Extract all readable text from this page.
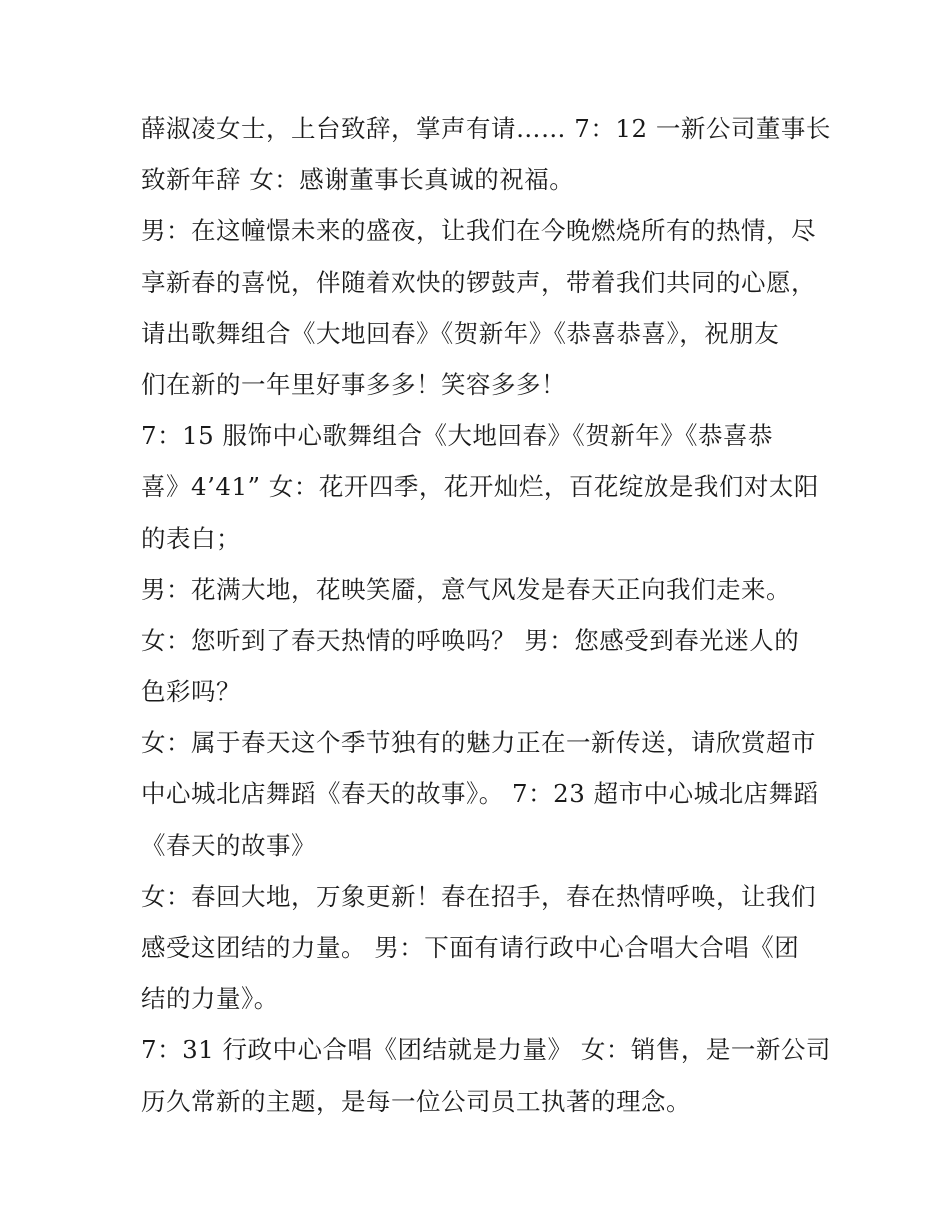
薛淑凌女士，上台致辞，掌声有请…… 7：12 一新公司董事长
致新年辞 女：感谢董事长真诚的祝福。
男：在这幢憬未来的盛夜，让我们在今晚燃烧所有的热情，尽
享新春的喜悦，伴随着欢快的锣鼓声，带着我们共同的心愿，
请出歌舞组合《大地回春》《贺新年》《恭喜恭喜》，祝朋友
们在新的一年里好事多多！笑容多多！
7：15 服饰中心歌舞组合《大地回春》《贺新年》《恭喜恭
喜》4’41” 女：花开四季，花开灿烂，百花绽放是我们对太阳
的表白；
男：花满大地，花映笑靥，意气风发是春天正向我们走来。
女：您听到了春天热情的呼唤吗？ 男：您感受到春光迷人的
色彩吗？
女：属于春天这个季节独有的魅力正在一新传送，请欣赏超市
中心城北店舞蹈《春天的故事》。 7：23 超市中心城北店舞蹈
《春天的故事》
女：春回大地，万象更新！春在招手，春在热情呼唤，让我们
感受这团结的力量。 男：下面有请行政中心合唱大合唱《团
结的力量》。
7：31 行政中心合唱《团结就是力量》 女：销售，是一新公司
历久常新的主题，是每一位公司员工执著的理念。
